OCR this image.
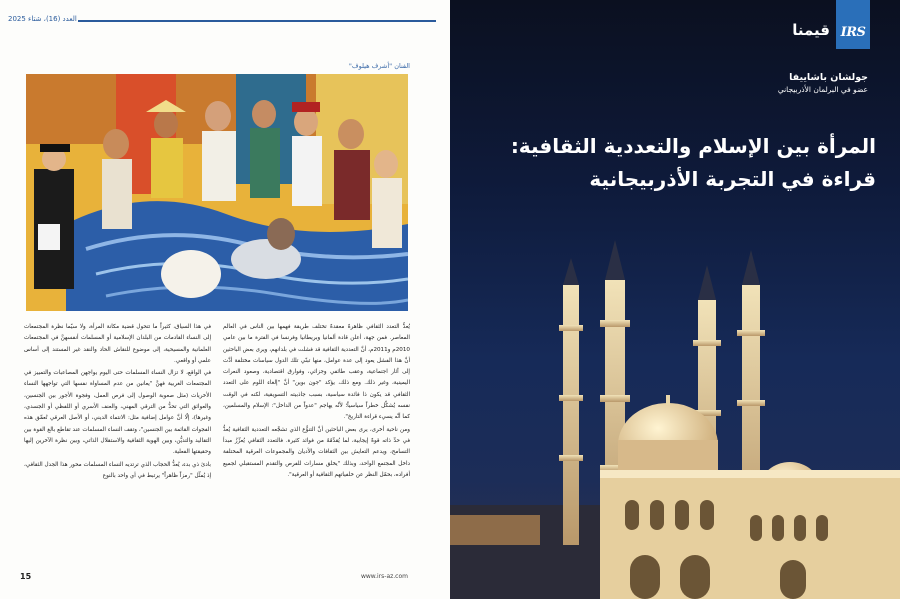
العدد (16)، شتاء 2025
الفنان "أشرف هيلوف"

يُعدُّ التعدد الثقافي ظاهرةً معقدةً تختلف طريقة فهمها بين الناس في العالم المعاصر. فمن جهة، أعلن قادة ألمانيا وبريطانيا وفرنسا في الفترة ما بين عامي 2010م و2011م، أنَّ التعددية الثقافية قد فشلت في بلدانهم، ويرى بعض الباحثين أنَّ هذا الفشل يعود إلى عدة عوامل، منها تبنّي تلك الدول سياسات مختلفة أدَّت إلى آثار اجتماعية، وعقب طائفي وجزائي، وفوارق اقتصادية، وصعود النعرات اليمينية، وغير ذلك. ومع ذلك، يؤكد "جون بوين" أنَّ "إلغاء اللوم على التعدد الثقافي قد يكون ذا فائدة سياسية، بسبب جاذبيته التسويقية، لكنه في الوقت نفسه يُشكِّل خطراً سياسياً؛ لأنَّه يهاجم "عدواً من الداخل": الإسلام والمسلمين، كما أنَّه يسيء قراءة التاريخ".

ومن ناحية أخرى، يرى بعض الباحثين أنَّ التنوُّع الذي تشجِّعه التعددية الثقافية يُعدُّ في حدِّ ذاته قوةً إيجابية، لما يُقدِّمُهُ من فوائد كثيرة. فالتعدد الثقافي يُعزِّزُ مبدأ التسامح، ويدعم التعايش بين الثقافات والأديان والمجموعات العرقية المختلفة داخل المجتمع الواحد، وبذلك "يخلق مسارات للفرص والتقدم المستقبلي لجميع أفراده، بحمّل النظر عن خلفياتهم الثقافية أو العرقية".

في هذا السياق، كثيراً ما تتحول قضية مكانة المرأة، ولا سيّما نظرة المجتمعات إلى النساء القادمات من البلدان الإسلامية أو المسلمات أنفسهنَّ في المجتمعات العلمانية والمسيحية، إلى موضوع للنقاش الحاد والنقد غير المستند إلى أساس علمي أو واقعي.

في الواقع، لا تزال النساء المسلمات حتى اليوم يواجهن المصاعبات والتمييز في المجتمعات الغربية فهنَّ "يعانين من عدم المساواة نفسها التي تواجهها النساء الأخريات (مثل صعوبة الوصول إلى فرص العمل، وفجوة الأجور بين الجنسين، والعوائق التي تحدُّ من الترقي المهني، والعنف الأسري أو اللفظي أو الجسدي، وغيرها)، إلّا أنَّ عوامل إضافية مثل: الانتماء الديني، أو الأصل العرقي تُعمِّق هذه الفجوات القائمة بين الجنسين"، وتقف النساء المسلمات عند تقاطع بالغ القوة بين التقاليد والتديُّن، وبين الهوية الثقافية والاستقلال الذاتي، وبين نظرة الآخرين إليها وحقيقتها الفعلية.

بادئ ذي بدء، يُعدُّ الحجاب الذي ترتديه النساء المسلمات محور هذا الجدل الثقافي، إذ يُمثِّل "رمزاً ظاهراً" يرتبط في أي واحد بالنوع

15	www.irs-az.com
قيمنا IRS
جولشان باشاييفا
عضو في البرلمان الأذربيجاني
المرأة بين الإسلام والتعددية الثقافية: قراءة في التجربة الأذربيجانية
